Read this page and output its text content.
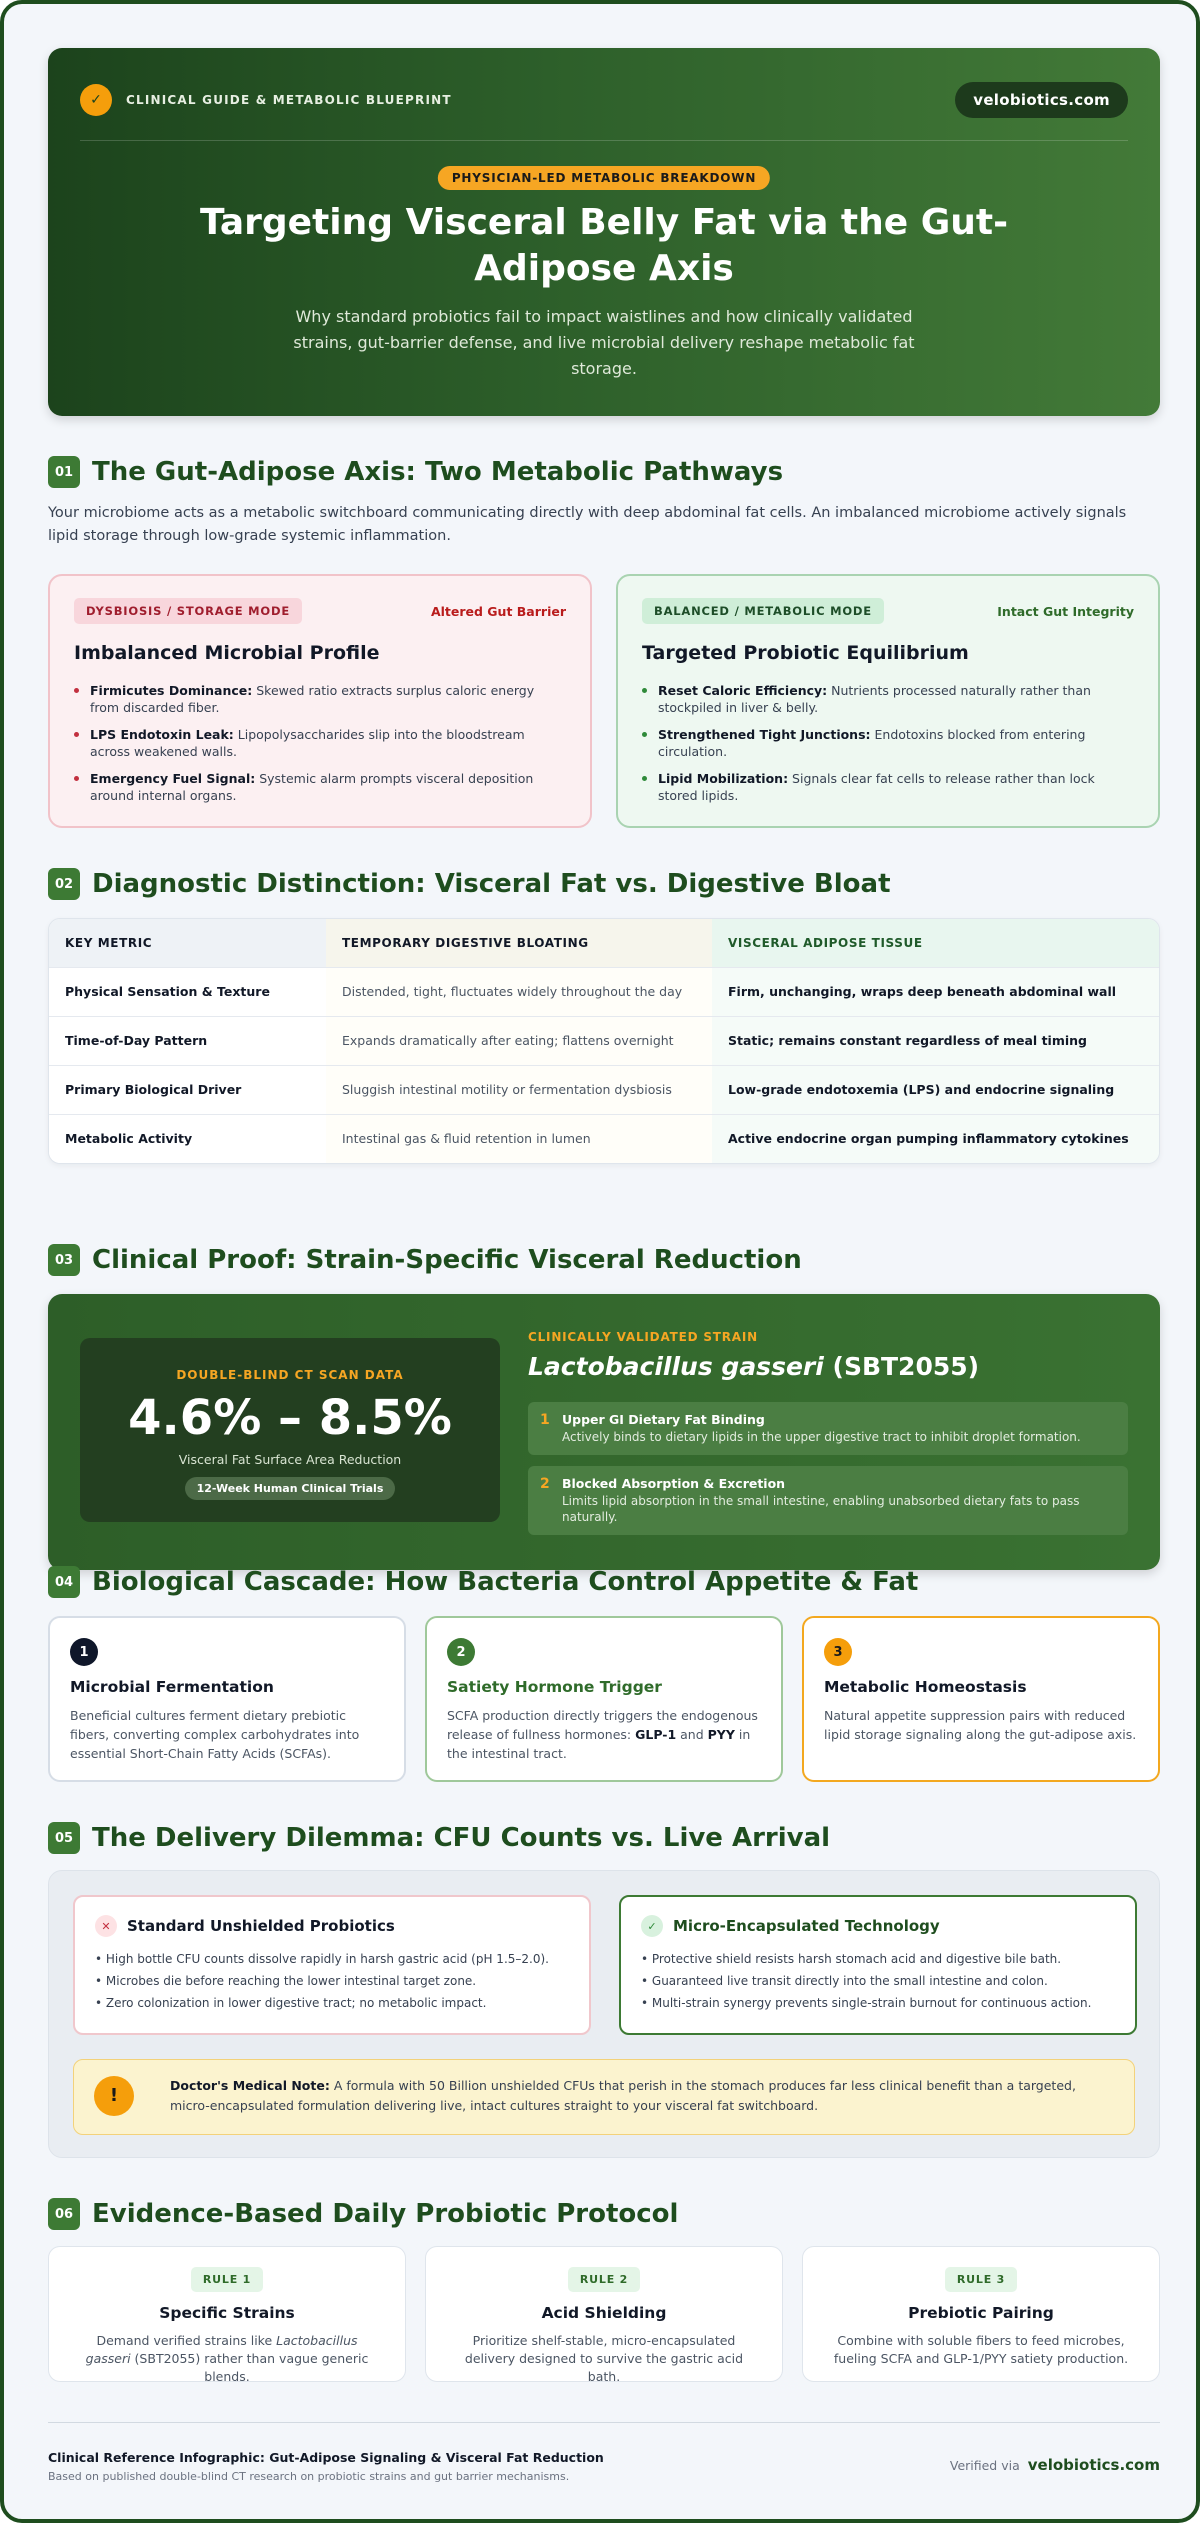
✓	CLINICAL GUIDE & METABOLIC BLUEPRINT	velobiotics.com
PHYSICIAN-LED METABOLIC BREAKDOWN
Targeting Visceral Belly Fat via the Gut-Adipose Axis

Why standard probiotics fail to impact waistlines and how clinically validated strains, gut-barrier defense, and live microbial delivery reshape metabolic fat storage.

01 The Gut-Adipose Axis: Two Metabolic Pathways

Your microbiome acts as a metabolic switchboard communicating directly with deep abdominal fat cells. An imbalanced microbiome actively signals lipid storage through low-grade systemic inflammation.

DYSBIOSIS / STORAGE MODE	Altered Gut Barrier
Imbalanced Microbial Profile
Firmicutes Dominance: Skewed ratio extracts surplus caloric energy from discarded fiber.
LPS Endotoxin Leak: Lipopolysaccharides slip into the bloodstream across weakened walls.
Emergency Fuel Signal: Systemic alarm prompts visceral deposition around internal organs.
BALANCED / METABOLIC MODE	Intact Gut Integrity
Targeted Probiotic Equilibrium
Reset Caloric Efficiency: Nutrients processed naturally rather than stockpiled in liver & belly.
Strengthened Tight Junctions: Endotoxins blocked from entering circulation.
Lipid Mobilization: Signals clear fat cells to release rather than lock stored lipids.
02 Diagnostic Distinction: Visceral Fat vs. Digestive Bloat
KEY METRIC	TEMPORARY DIGESTIVE BLOATING	VISCERAL ADIPOSE TISSUE
Physical Sensation & Texture	Distended, tight, fluctuates widely throughout the day	Firm, unchanging, wraps deep beneath abdominal wall
Time-of-Day Pattern	Expands dramatically after eating; flattens overnight	Static; remains constant regardless of meal timing
Primary Biological Driver	Sluggish intestinal motility or fermentation dysbiosis	Low-grade endotoxemia (LPS) and endocrine signaling
Metabolic Activity	Intestinal gas & fluid retention in lumen	Active endocrine organ pumping inflammatory cytokines
03 Clinical Proof: Strain-Specific Visceral Reduction
DOUBLE-BLIND CT SCAN DATA
4.6% – 8.5%
Visceral Fat Surface Area Reduction
12-Week Human Clinical Trials
CLINICALLY VALIDATED STRAIN
Lactobacillus gasseri (SBT2055)
1 Upper GI Dietary Fat Binding
Actively binds to dietary lipids in the upper digestive tract to inhibit droplet formation.
2 Blocked Absorption & Excretion
Limits lipid absorption in the small intestine, enabling unabsorbed dietary fats to pass naturally.
04 Biological Cascade: How Bacteria Control Appetite & Fat
1
Microbial Fermentation
Beneficial cultures ferment dietary prebiotic fibers, converting complex carbohydrates into essential Short-Chain Fatty Acids (SCFAs).
2
Satiety Hormone Trigger
SCFA production directly triggers the endogenous release of fullness hormones: GLP-1 and PYY in the intestinal tract.
3
Metabolic Homeostasis
Natural appetite suppression pairs with reduced lipid storage signaling along the gut-adipose axis.
05 The Delivery Dilemma: CFU Counts vs. Live Arrival
✕	Standard Unshielded Probiotics
• High bottle CFU counts dissolve rapidly in harsh gastric acid (pH 1.5–2.0).
• Microbes die before reaching the lower intestinal target zone.
• Zero colonization in lower digestive tract; no metabolic impact.
✓	Micro-Encapsulated Technology
• Protective shield resists harsh stomach acid and digestive bile bath.
• Guaranteed live transit directly into the small intestine and colon.
• Multi-strain synergy prevents single-strain burnout for continuous action.
!	Doctor's Medical Note: A formula with 50 Billion unshielded CFUs that perish in the stomach produces far less clinical benefit than a targeted, micro-encapsulated formulation delivering live, intact cultures straight to your visceral fat switchboard.
06 Evidence-Based Daily Probiotic Protocol
RULE 1
Specific Strains
Demand verified strains like Lactobacillus gasseri (SBT2055) rather than vague generic blends.
RULE 2
Acid Shielding
Prioritize shelf-stable, micro-encapsulated delivery designed to survive the gastric acid bath.
RULE 3
Prebiotic Pairing
Combine with soluble fibers to feed microbes, fueling SCFA and GLP-1/PYY satiety production.
Clinical Reference Infographic: Gut-Adipose Signaling & Visceral Fat Reduction
Based on published double-blind CT research on probiotic strains and gut barrier mechanisms.
Verified via velobiotics.com
